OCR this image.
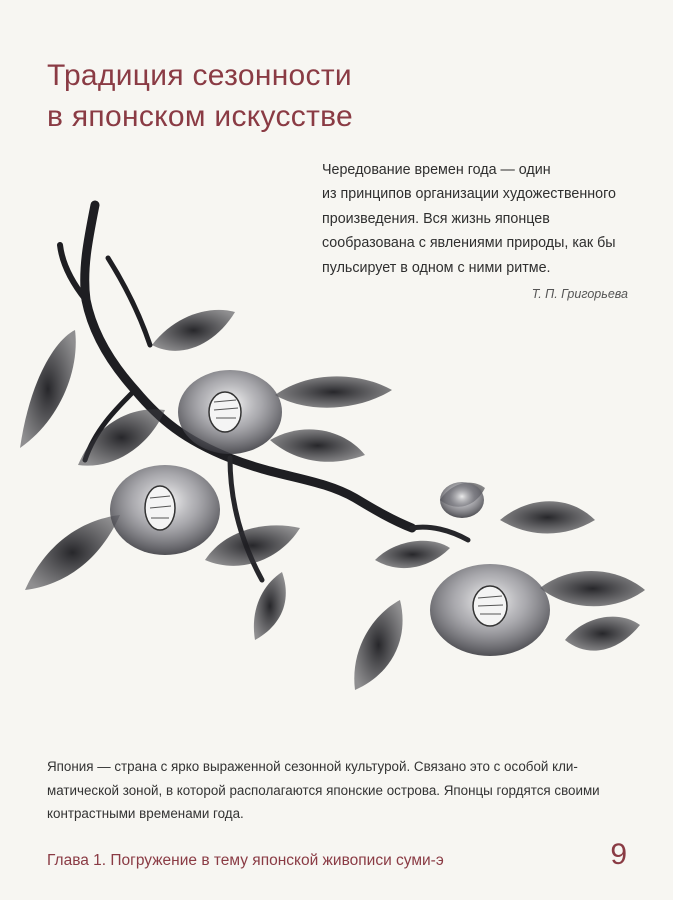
Традиция сезонности
в японском искусстве
Чередование времен года — один
из принципов организации художественного
произведения. Вся жизнь японцев
сообразована с явлениями природы, как бы
пульсирует в одном с ними ритме.
Т. П. Григорьева
Япония — страна с ярко выраженной сезонной культурой. Связано это с особой кли-
матической зоной, в которой располагаются японские острова. Японцы гордятся своими
контрастными временами года.
Глава 1. Погружение в тему японской живописи суми-э	9
